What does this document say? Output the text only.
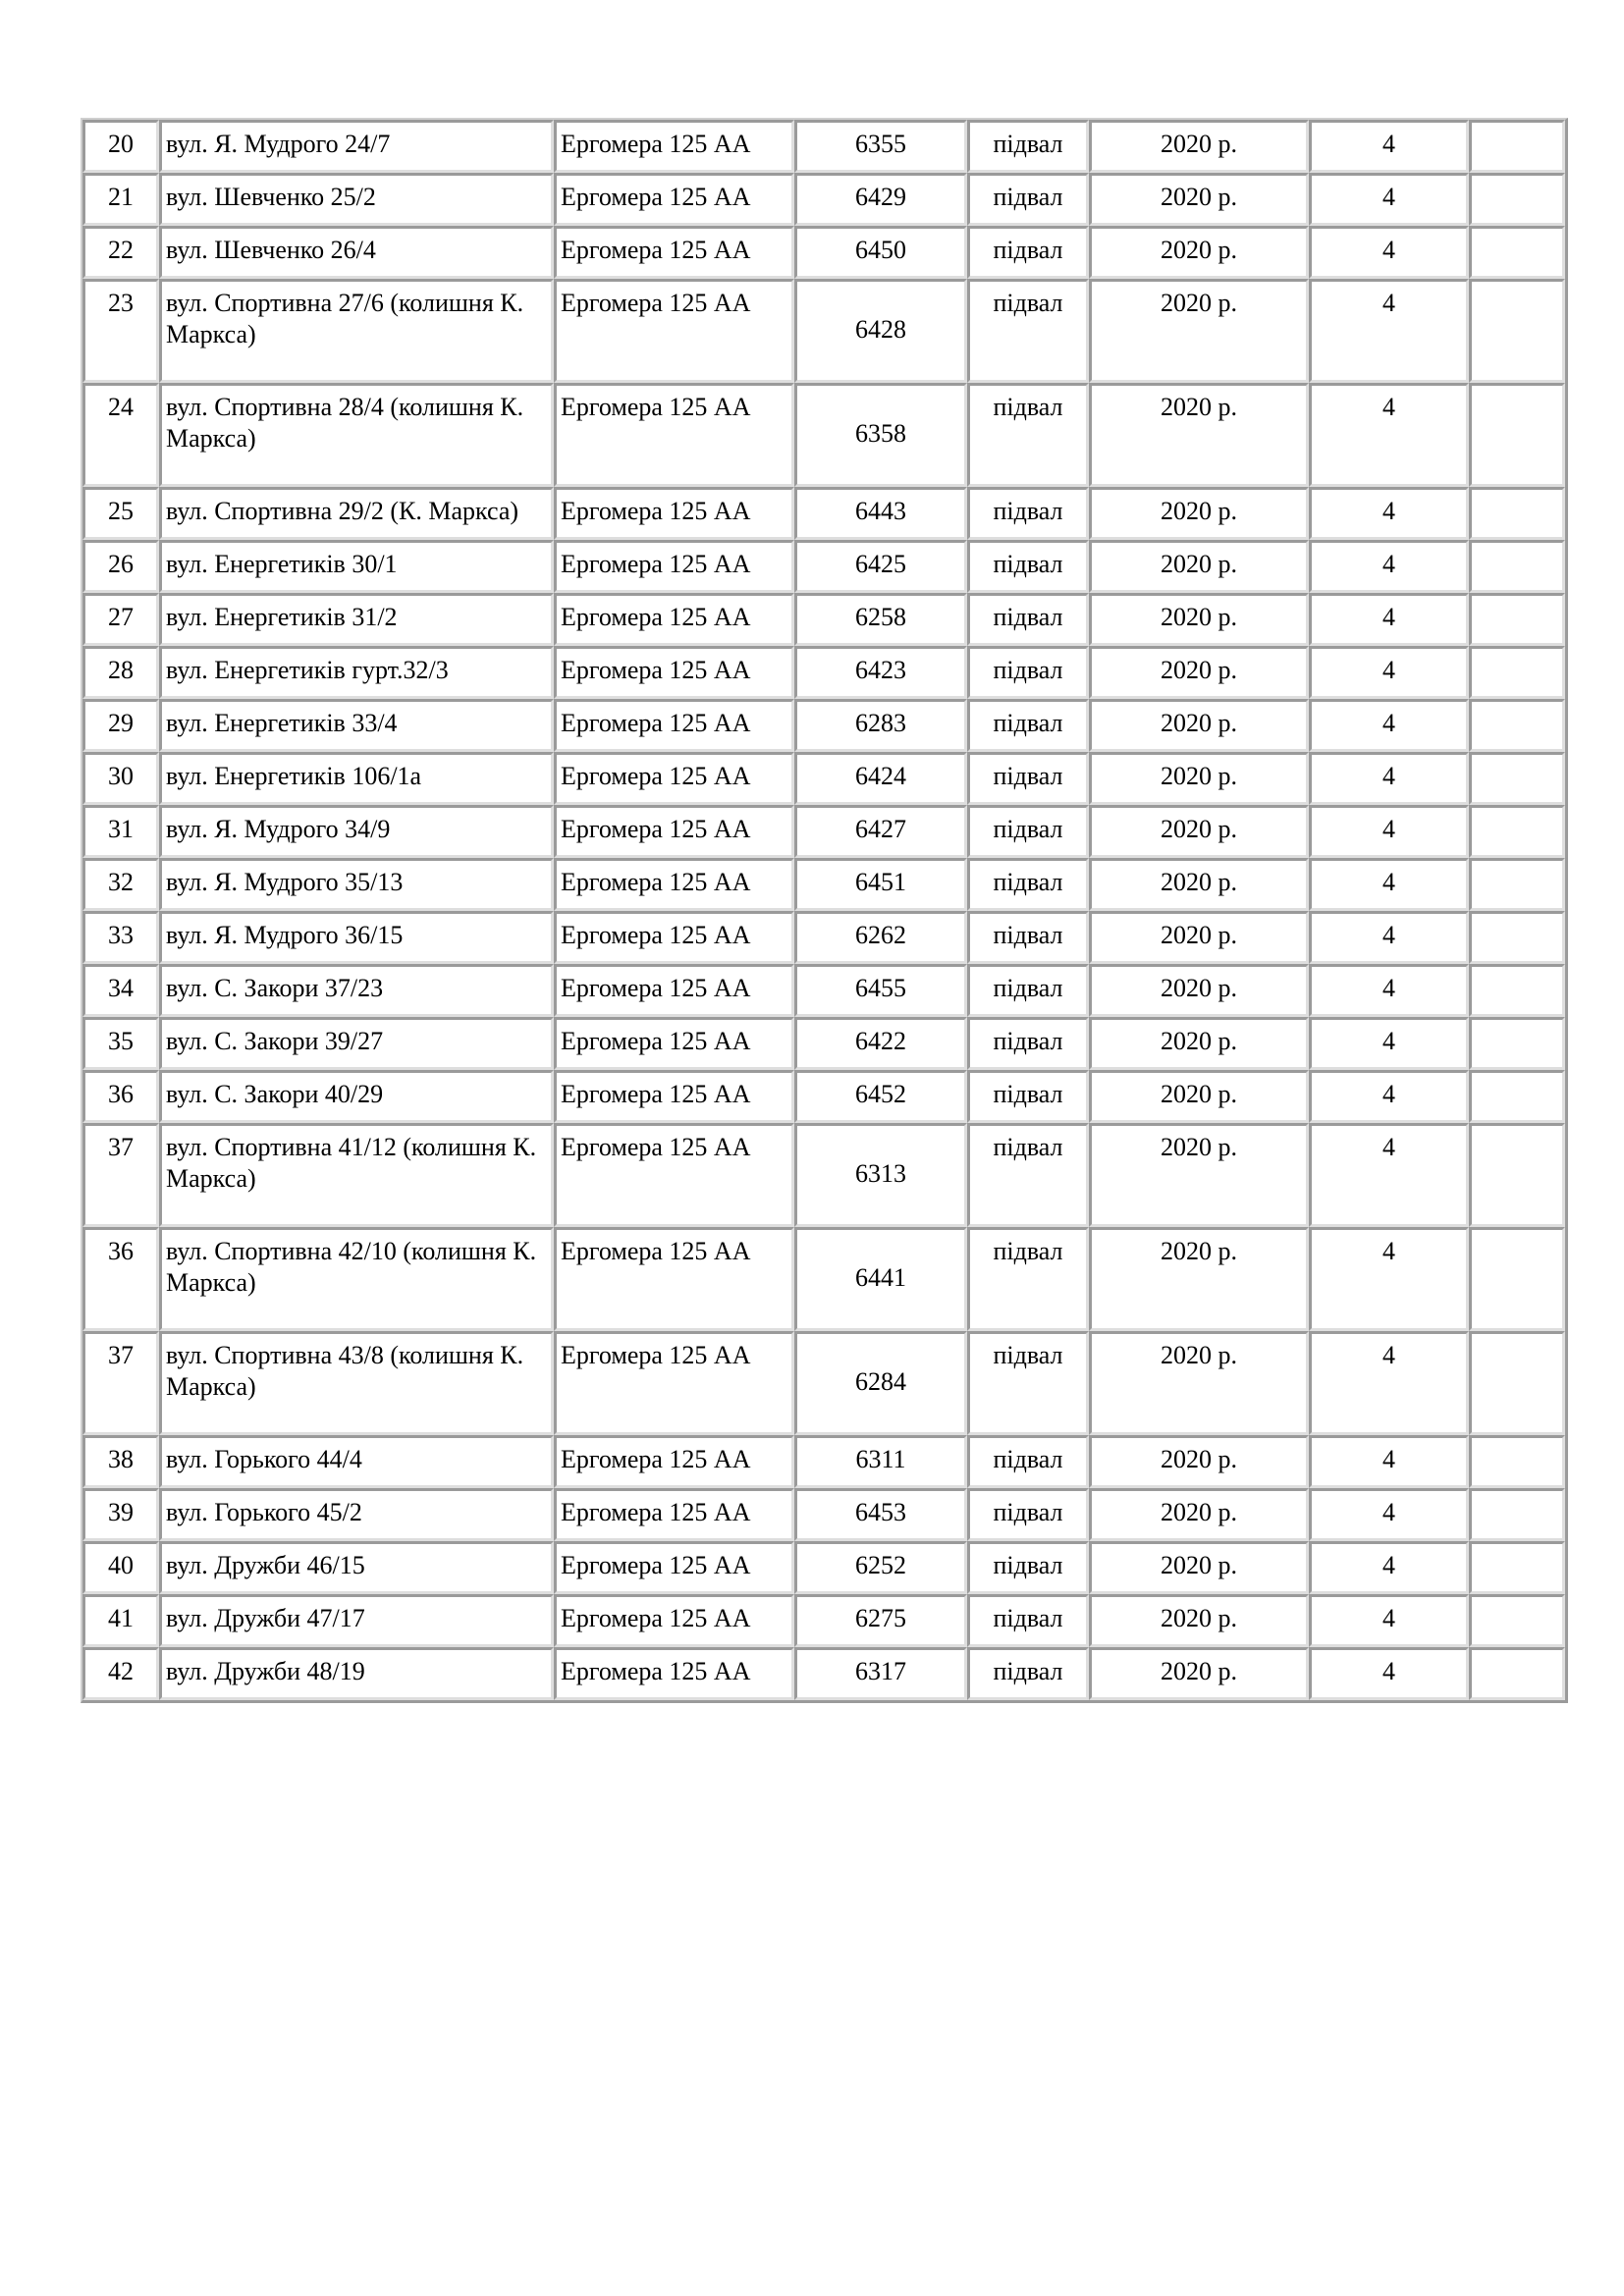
20	вул. Я. Мудрого 24/7	Ергомера 125 АА	6355	підвал	2020 р.	4	
21	вул. Шевченко 25/2	Ергомера 125 АА	6429	підвал	2020 р.	4	
22	вул. Шевченко 26/4	Ергомера 125 АА	6450	підвал	2020 р.	4	
23	вул. Спортивна 27/6 (колишня К. Маркса)	Ергомера 125 АА	6428	підвал	2020 р.	4	
24	вул. Спортивна 28/4 (колишня К. Маркса)	Ергомера 125 АА	6358	підвал	2020 р.	4	
25	вул. Спортивна 29/2 (К. Маркса)	Ергомера 125 АА	6443	підвал	2020 р.	4	
26	вул. Енергетиків 30/1	Ергомера 125 АА	6425	підвал	2020 р.	4	
27	вул. Енергетиків 31/2	Ергомера 125 АА	6258	підвал	2020 р.	4	
28	вул. Енергетиків гурт.32/3	Ергомера 125 АА	6423	підвал	2020 р.	4	
29	вул. Енергетиків 33/4	Ергомера 125 АА	6283	підвал	2020 р.	4	
30	вул. Енергетиків 106/1а	Ергомера 125 АА	6424	підвал	2020 р.	4	
31	вул. Я. Мудрого 34/9	Ергомера 125 АА	6427	підвал	2020 р.	4	
32	вул. Я. Мудрого 35/13	Ергомера 125 АА	6451	підвал	2020 р.	4	
33	вул. Я. Мудрого 36/15	Ергомера 125 АА	6262	підвал	2020 р.	4	
34	вул. С. Закори 37/23	Ергомера 125 АА	6455	підвал	2020 р.	4	
35	вул. С. Закори 39/27	Ергомера 125 АА	6422	підвал	2020 р.	4	
36	вул. С. Закори 40/29	Ергомера 125 АА	6452	підвал	2020 р.	4	
37	вул. Спортивна 41/12 (колишня К. Маркса)	Ергомера 125 АА	6313	підвал	2020 р.	4	
36	вул. Спортивна 42/10 (колишня К. Маркса)	Ергомера 125 АА	6441	підвал	2020 р.	4	
37	вул. Спортивна 43/8 (колишня К. Маркса)	Ергомера 125 АА	6284	підвал	2020 р.	4	
38	вул. Горького 44/4	Ергомера 125 АА	6311	підвал	2020 р.	4	
39	вул. Горького 45/2	Ергомера 125 АА	6453	підвал	2020 р.	4	
40	вул. Дружби 46/15	Ергомера 125 АА	6252	підвал	2020 р.	4	
41	вул. Дружби 47/17	Ергомера 125 АА	6275	підвал	2020 р.	4	
42	вул. Дружби 48/19	Ергомера 125 АА	6317	підвал	2020 р.	4	
